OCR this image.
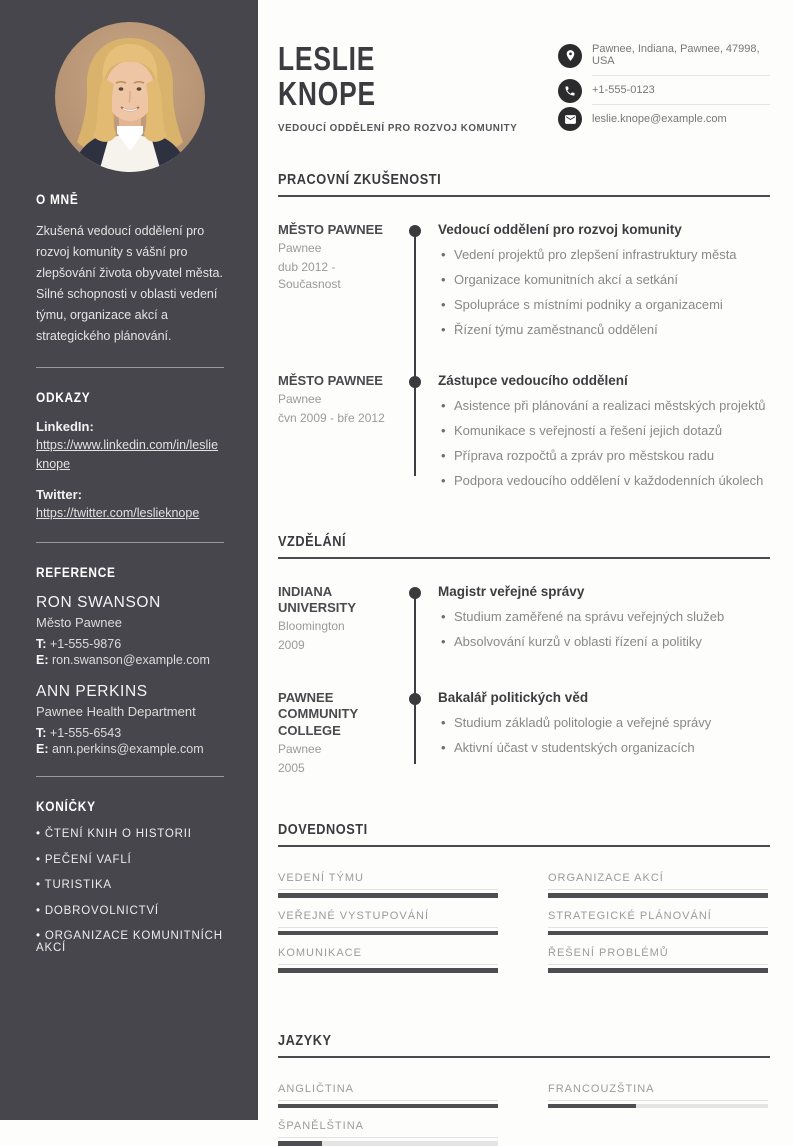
O MNĚ

Zkušená vedoucí oddělení pro rozvoj komunity s vášní pro zlepšování života obyvatel města. Silné schopnosti v oblasti vedení týmu, organizace akcí a strategického plánování.

ODKAZY
LinkedIn:
https://www.linkedin.com/in/leslieknope
Twitter:
https://twitter.com/leslieknope
REFERENCE
RON SWANSON
Město Pawnee
T: +1-555-9876
E: ron.swanson@example.com
ANN PERKINS
Pawnee Health Department
T: +1-555-6543
E: ann.perkins@example.com
KONÍČKY
• ČTENÍ KNIH O HISTORII
• PEČENÍ VAFLÍ
• TURISTIKA
• DOBROVOLNICTVÍ
• ORGANIZACE KOMUNITNÍCH AKCÍ
LESLIE
KNOPE
VEDOUCÍ ODDĚLENÍ PRO ROZVOJ KOMUNITY
Pawnee, Indiana, Pawnee, 47998, USA
+1-555-0123
leslie.knope@example.com
PRACOVNÍ ZKUŠENOSTI
MĚSTO PAWNEE
Pawnee
dub 2012 - Současnost
Vedoucí oddělení pro rozvoj komunity
• Vedení projektů pro zlepšení infrastruktury města
• Organizace komunitních akcí a setkání
• Spolupráce s místními podniky a organizacemi
• Řízení týmu zaměstnanců oddělení
MĚSTO PAWNEE
Pawnee
čvn 2009 - bře 2012
Zástupce vedoucího oddělení
• Asistence při plánování a realizaci městských projektů
• Komunikace s veřejností a řešení jejich dotazů
• Příprava rozpočtů a zpráv pro městskou radu
• Podpora vedoucího oddělení v každodenních úkolech
VZDĚLÁNÍ
INDIANA UNIVERSITY
Bloomington
2009
Magistr veřejné správy
• Studium zaměřené na správu veřejných služeb
• Absolvování kurzů v oblasti řízení a politiky
PAWNEE COMMUNITY COLLEGE
Pawnee
2005
Bakalář politických věd
• Studium základů politologie a veřejné správy
• Aktivní účast v studentských organizacích
DOVEDNOSTI
VEDENÍ TÝMU	ORGANIZACE AKCÍ
VEŘEJNÉ VYSTUPOVÁNÍ	STRATEGICKÉ PLÁNOVÁNÍ
KOMUNIKACE	ŘEŠENÍ PROBLÉMŮ
JAZYKY
ANGLIČTINA	FRANCOUZŠTINA
ŠPANĚLŠTINA
